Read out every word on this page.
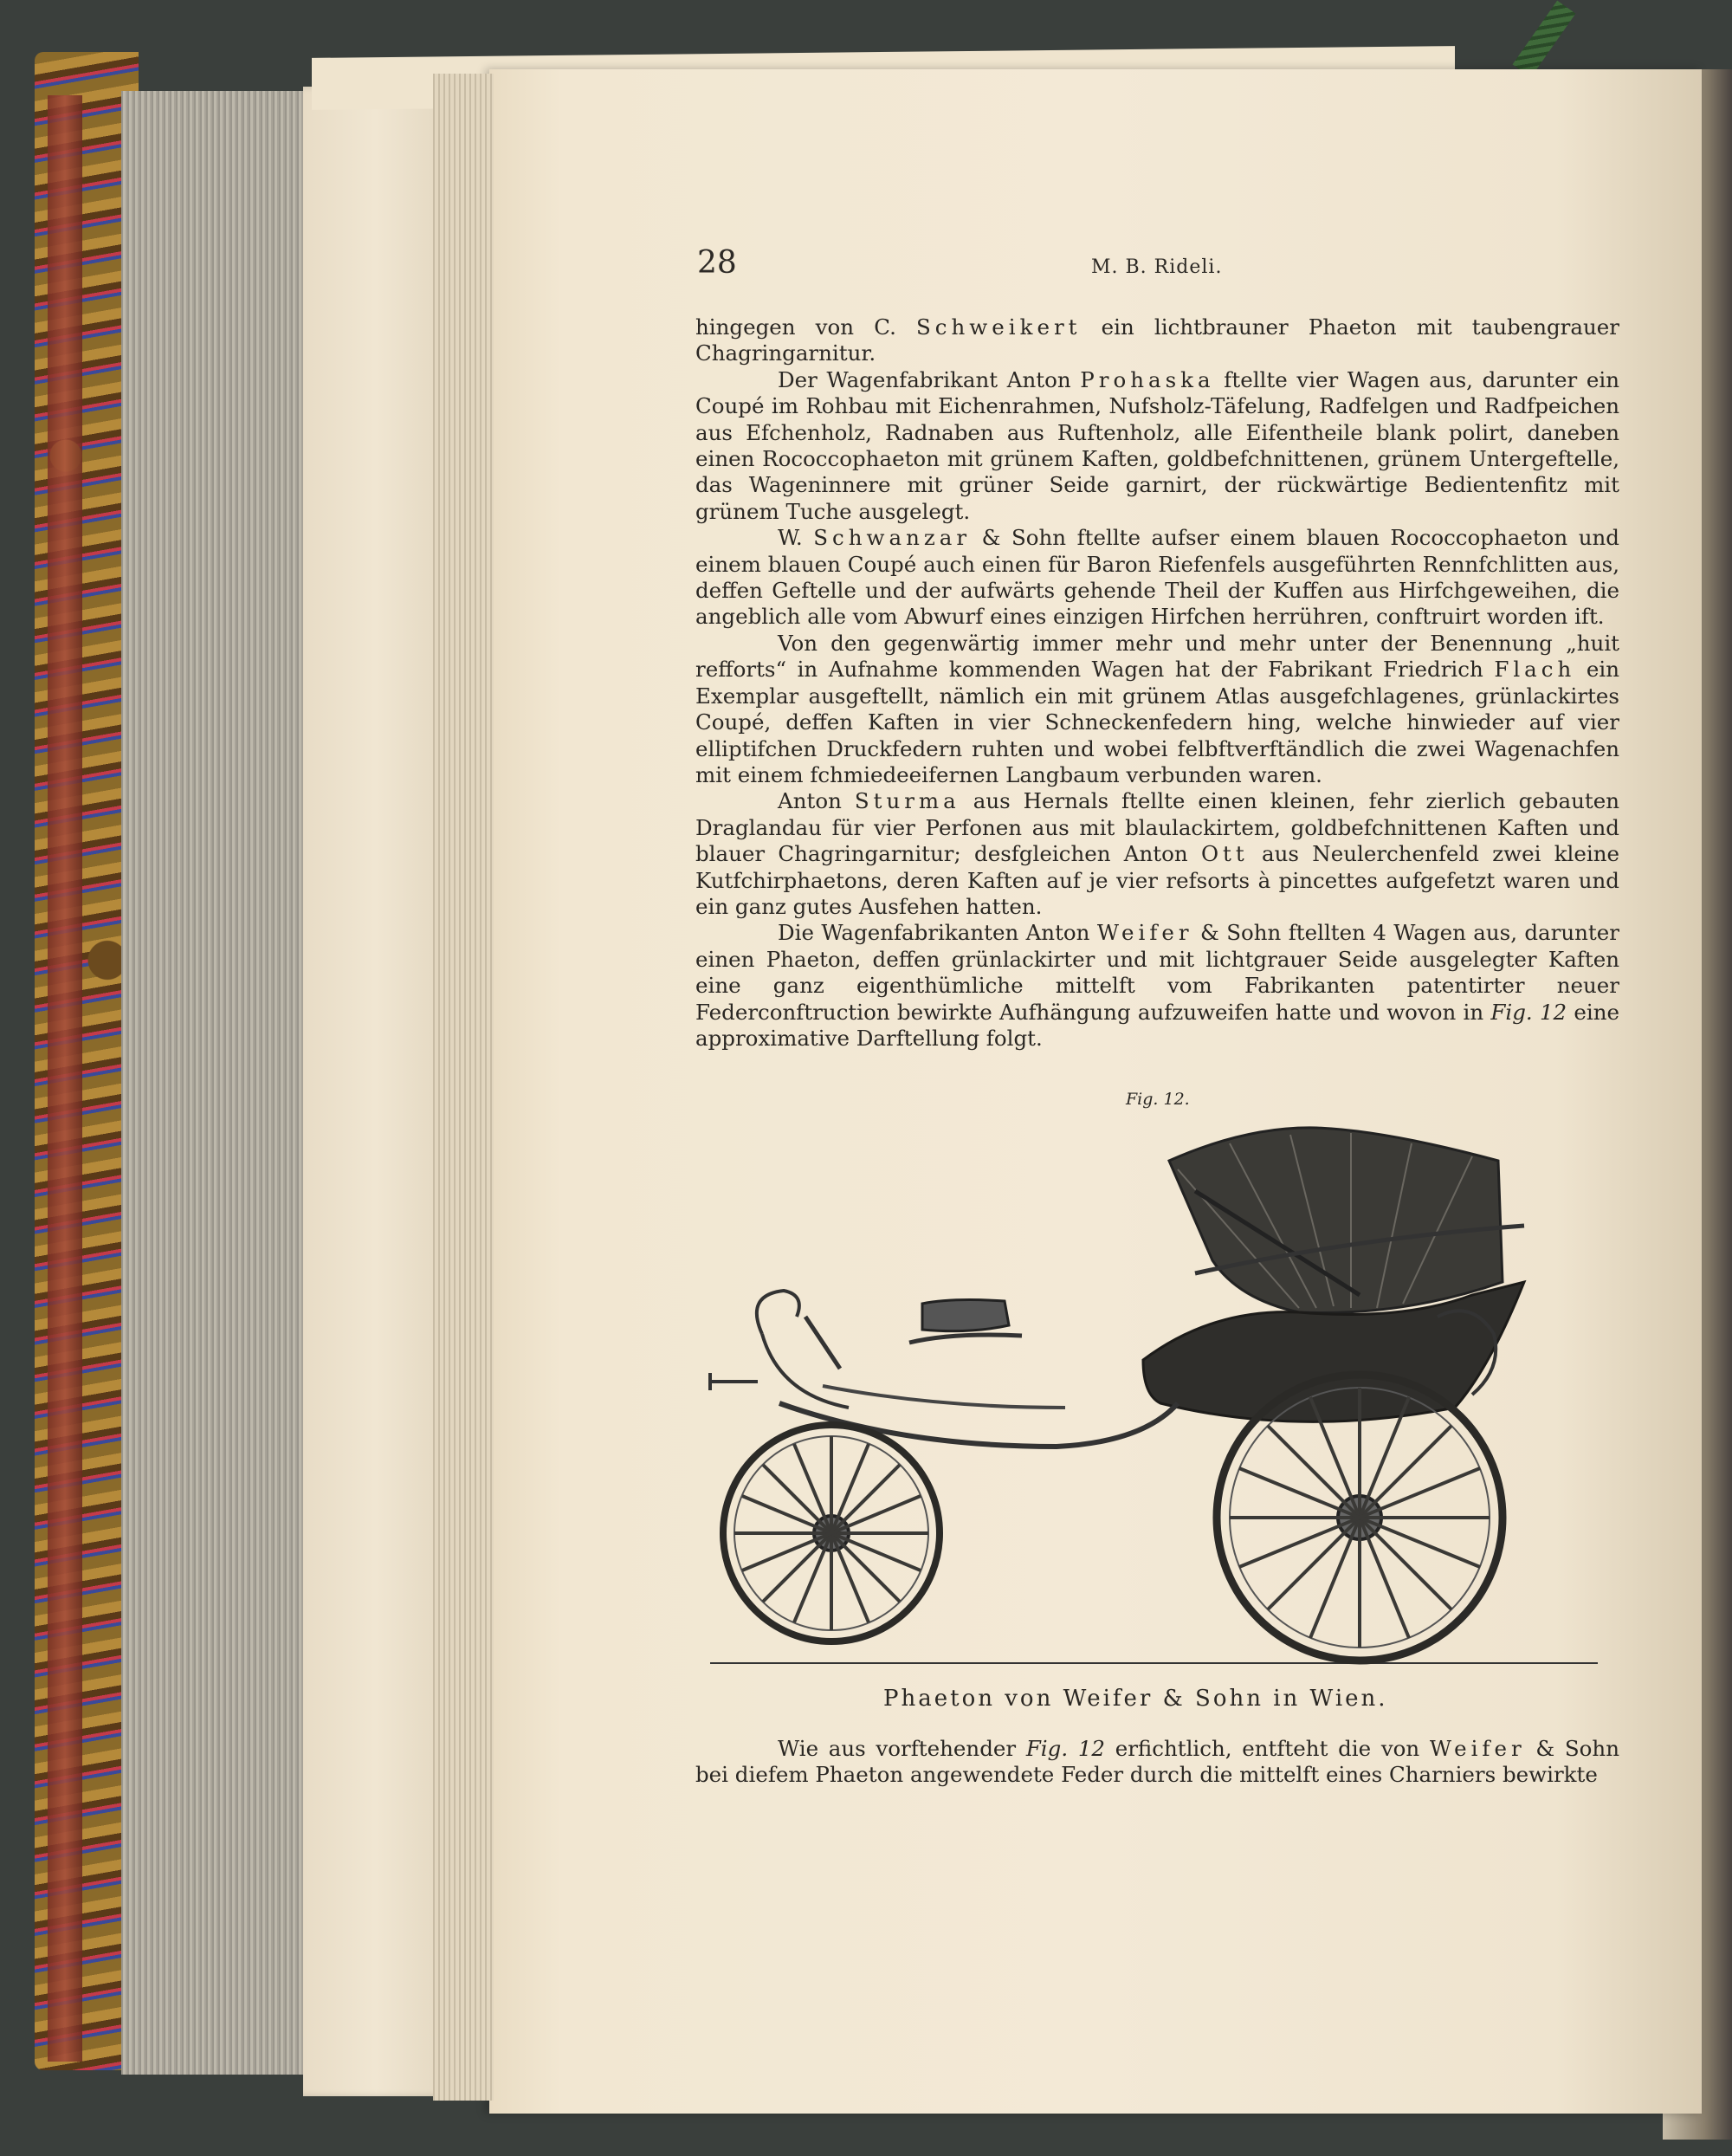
28	M. B. Rideli.

hingegen von C. Schweikert ein lichtbrauner Phaeton mit taubengrauer Chagringarnitur.

Der Wagenfabrikant Anton Prohaska ftellte vier Wagen aus, darunter ein Coupé im Rohbau mit Eichenrahmen, Nufsholz-Täfelung, Radfelgen und Radfpeichen aus Efchenholz, Radnaben aus Ruftenholz, alle Eifentheile blank polirt, daneben einen Rococcophaeton mit grünem Kaften, goldbefchnittenen, grünem Untergeftelle, das Wageninnere mit grüner Seide garnirt, der rückwärtige Bedientenfitz mit grünem Tuche ausgelegt.

W. Schwanzar & Sohn ftellte aufser einem blauen Rococcophaeton und einem blauen Coupé auch einen für Baron Riefenfels ausgeführten Rennfchlitten aus, deffen Geftelle und der aufwärts gehende Theil der Kuffen aus Hirfchgeweihen, die angeblich alle vom Abwurf eines einzigen Hirfchen herrühren, conftruirt worden ift.

Von den gegenwärtig immer mehr und mehr unter der Benennung „huit refforts“ in Aufnahme kommenden Wagen hat der Fabrikant Friedrich Flach ein Exemplar ausgeftellt, nämlich ein mit grünem Atlas ausgefchlagenes, grünlackirtes Coupé, deffen Kaften in vier Schneckenfedern hing, welche hinwieder auf vier elliptifchen Druckfedern ruhten und wobei felbftverftändlich die zwei Wagenachfen mit einem fchmiedeeifernen Langbaum verbunden waren.

Anton Sturma aus Hernals ftellte einen kleinen, fehr zierlich gebauten Draglandau für vier Perfonen aus mit blaulackirtem, goldbefchnittenen Kaften und blauer Chagringarnitur; desfgleichen Anton Ott aus Neulerchenfeld zwei kleine Kutfchirphaetons, deren Kaften auf je vier refsorts à pincettes aufgefetzt waren und ein ganz gutes Ausfehen hatten.

Die Wagenfabrikanten Anton Weifer & Sohn ftellten 4 Wagen aus, darunter einen Phaeton, deffen grünlackirter und mit lichtgrauer Seide ausgelegter Kaften eine ganz eigenthümliche mittelft vom Fabrikanten patentirter neuer Federconftruction bewirkte Aufhängung aufzuweifen hatte und wovon in Fig. 12 eine approximative Darftellung folgt.

Fig. 12.
Phaeton von Weifer & Sohn in Wien.

Wie aus vorftehender Fig. 12 erfichtlich, entfteht die von Weifer & Sohn bei diefem Phaeton angewendete Feder durch die mittelft eines Charniers bewirkte
